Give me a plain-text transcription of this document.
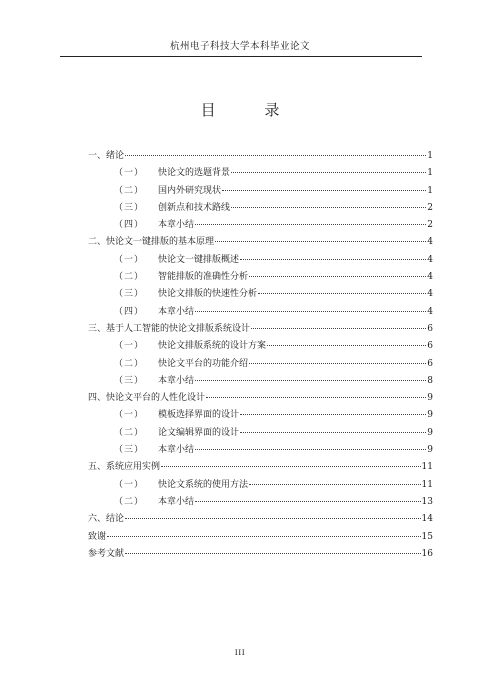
杭州电子科技大学本科毕业论文
目 录
一、绪论	1
（一） 快论文的选题背景	1
（二） 国内外研究现状	1
（三） 创新点和技术路线	2
（四） 本章小结	2
二、快论文一键排版的基本原理	4
（一） 快论文一键排版概述	4
（二） 智能排版的准确性分析	4
（三） 快论文排版的快速性分析	4
（四） 本章小结	4
三、基于人工智能的快论文排版系统设计	6
（一） 快论文排版系统的设计方案	6
（二） 快论文平台的功能介绍	6
（三） 本章小结	8
四、快论文平台的人性化设计	9
（一） 模板选择界面的设计	9
（二） 论文编辑界面的设计	9
（三） 本章小结	9
五、系统应用实例	11
（一） 快论文系统的使用方法	11
（二） 本章小结	13
六、结论	14
致谢	15
参考文献	16
III
